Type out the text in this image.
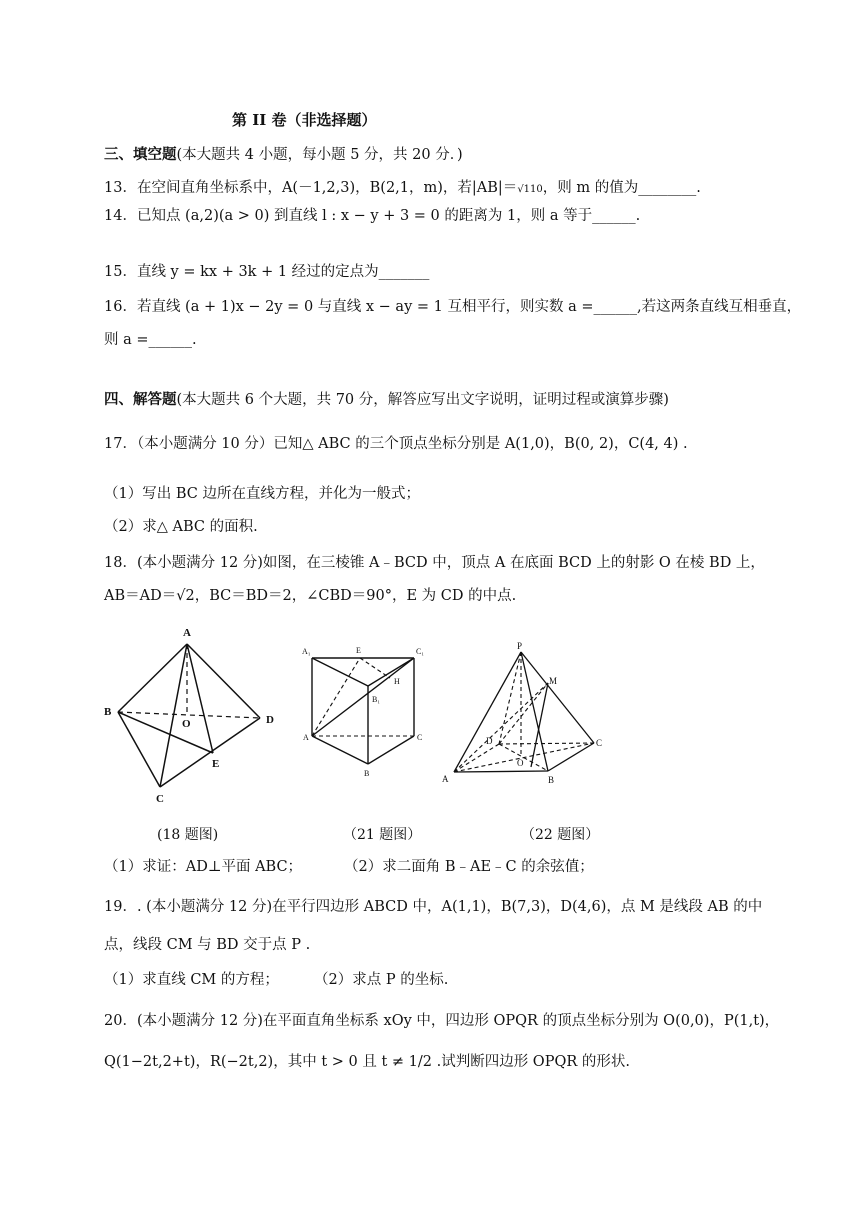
第 II 卷（非选择题）
三、填空题(本大题共 4 小题，每小题 5 分，共 20 分．)
13．在空间直角坐标系中，A(－1,2,3)，B(2,1，m)，若|AB|＝√110，则 m 的值为________.
14．已知点 (a,2)(a > 0) 到直线 l : x − y + 3 = 0 的距离为 1，则 a 等于______.
15．直线 y = kx + 3k + 1 经过的定点为_______
16．若直线 (a + 1)x − 2y = 0 与直线 x − ay = 1 互相平行，则实数 a =______,若这两条直线互相垂直，
则 a =______.
四、解答题(本大题共 6 个大题，共 70 分，解答应写出文字说明，证明过程或演算步骤)
17．（本小题满分 10 分）已知△ ABC 的三个顶点坐标分别是 A(1,0)，B(0, 2)，C(4, 4) .
（1）写出 BC 边所在直线方程，并化为一般式；
（2）求△ ABC 的面积.
18．(本小题满分 12 分)如图，在三棱锥 A﹣BCD 中，顶点 A 在底面 BCD 上的射影 O 在棱 BD 上，
AB＝AD＝√2，BC＝BD＝2，∠CBD＝90°，E 为 CD 的中点.
A
B
C
D
E
O
A₁	E	C₁
H
B₁
A
B
C
P
M
D	C
O
A	B
(18 题图)	（21 题图）	（22 题图）
（1）求证：AD⊥平面 ABC；	（2）求二面角 B﹣AE﹣C 的余弦值；
19．. (本小题满分 12 分)在平行四边形 ABCD 中，A(1,1)，B(7,3)，D(4,6)，点 M 是线段 AB 的中
点，线段 CM 与 BD 交于点 P .
（1）求直线 CM 的方程； （2）求点 P 的坐标.
20．(本小题满分 12 分)在平面直角坐标系 xOy 中，四边形 OPQR 的顶点坐标分别为 O(0,0)，P(1,t)，
Q(1−2t,2+t)，R(−2t,2)，其中 t > 0 且 t ≠ 1/2 .试判断四边形 OPQR 的形状.
